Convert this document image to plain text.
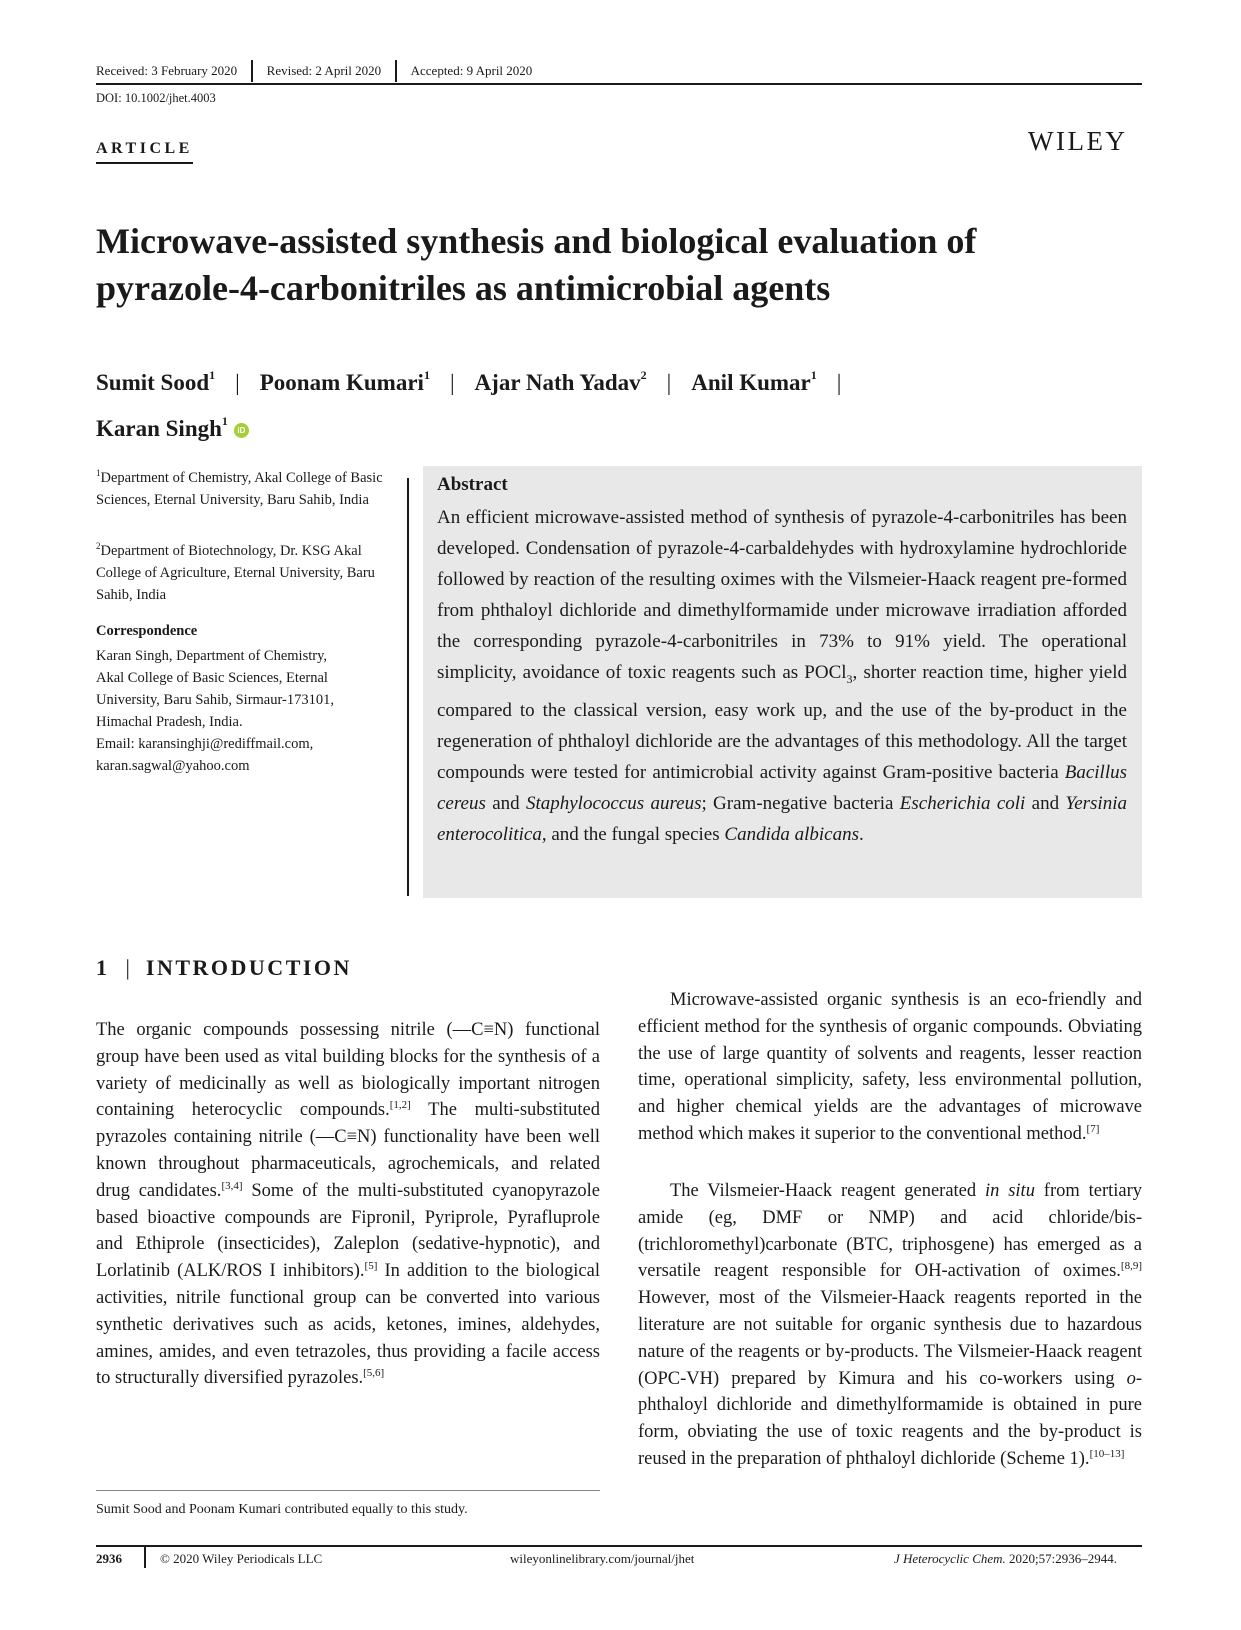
Received: 3 February 2020	Revised: 2 April 2020	Accepted: 9 April 2020
DOI: 10.1002/jhet.4003
ARTICLE	WILEY
Microwave-assisted synthesis and biological evaluation of
pyrazole-4-carbonitriles as antimicrobial agents
Sumit Sood$^1$ | Poonam Kumari$^1$ | Ajar Nath Yadav$^2$ | Anil Kumar$^1$ |
Karan Singh$^1$iD

$^1$Department of Chemistry, Akal College of Basic Sciences, Eternal University, Baru Sahib, India

$^2$Department of Biotechnology, Dr. KSG Akal College of Agriculture, Eternal University, Baru Sahib, India

Correspondence
Karan Singh, Department of Chemistry,
Akal College of Basic Sciences, Eternal
University, Baru Sahib, Sirmaur-173101,
Himachal Pradesh, India.
Email: karansinghji@rediffmail.com,
karan.sagwal@yahoo.com
Abstract

An efficient microwave-assisted method of synthesis of pyrazole-4-carbonitriles has been developed. Condensation of pyrazole-4-carbaldehydes with hydroxylamine hydrochloride followed by reaction of the resulting oximes with the Vilsmeier-Haack reagent pre-formed from phthaloyl dichloride and dimethylformamide under microwave irradiation afforded the corresponding pyrazole-4-carbonitriles in 73% to 91% yield. The operational simplicity, avoidance of toxic reagents such as POCl$_3$, shorter reaction time, higher yield compared to the classical version, easy work up, and the use of the by-product in the regeneration of phthaloyl dichloride are the advantages of this methodology. All the target compounds were tested for antimicrobial activity against Gram-positive bacteria Bacillus cereus and Staphylococcus aureus; Gram-negative bacteria Escherichia coli and Yersinia enterocolitica, and the fungal species Candida albicans.

1 | INTRODUCTION

The organic compounds possessing nitrile (—C≡N) functional group have been used as vital building blocks for the synthesis of a variety of medicinally as well as biologically important nitrogen containing heterocyclic compounds.[1,2] The multi-substituted pyrazoles containing nitrile (—C≡N) functionality have been well known throughout pharmaceuticals, agrochemicals, and related drug candidates.[3,4] Some of the multi-substituted cyanopyrazole based bioactive compounds are Fipronil, Pyriprole, Pyrafluprole and Ethiprole (insecticides), Zaleplon (sedative-hypnotic), and Lorlatinib (ALK/ROS I inhibitors).[5] In addition to the biological activities, nitrile functional group can be converted into various synthetic derivatives such as acids, ketones, imines, aldehydes, amines, amides, and even tetrazoles, thus providing a facile access to structurally diversified pyrazoles.[5,6]

Microwave-assisted organic synthesis is an eco-friendly and efficient method for the synthesis of organic compounds. Obviating the use of large quantity of solvents and reagents, lesser reaction time, operational simplicity, safety, less environmental pollution, and higher chemical yields are the advantages of microwave method which makes it superior to the conventional method.[7]

The Vilsmeier-Haack reagent generated in situ from tertiary amide (eg, DMF or NMP) and acid chloride/bis-(trichloromethyl)carbonate (BTC, triphosgene) has emerged as a versatile reagent responsible for OH-activation of oximes.[8,9] However, most of the Vilsmeier-Haack reagents reported in the literature are not suitable for organic synthesis due to hazardous nature of the reagents or by-products. The Vilsmeier-Haack reagent (OPC-VH) prepared by Kimura and his co-workers using o-phthaloyl dichloride and dimethylformamide is obtained in pure form, obviating the use of toxic reagents and the by-product is reused in the preparation of phthaloyl dichloride (Scheme 1).[10–13]

Sumit Sood and Poonam Kumari contributed equally to this study.
2936	© 2020 Wiley Periodicals LLC	wileyonlinelibrary.com/journal/jhet	J Heterocyclic Chem. 2020;57:2936–2944.
